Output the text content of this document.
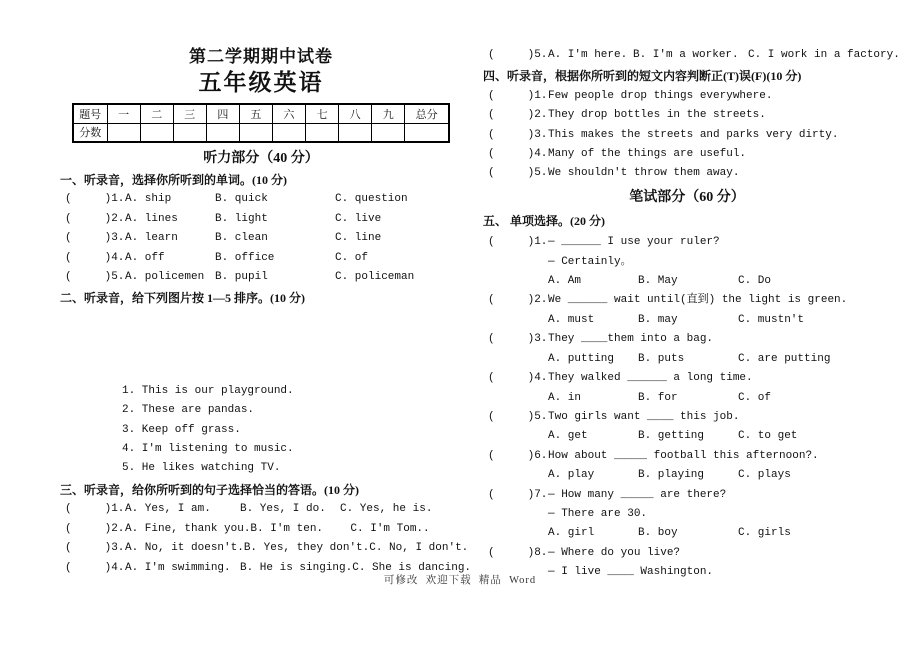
第二学期期中试卷
五年级英语
题号	一	二	三	四	五	六	七	八	九	总分
分数										
听力部分（40 分）
一、听录音，选择你所听到的单词。(10 分)
(     )1. A. ship	B. quick	C. question
(     )2. A. lines	B. light	C. live
(     )3. A. learn	B. clean	C. line
(     )4. A. off	B. office	C. of
(     )5. A. policemen B. pupil	C. policeman
二、听录音，给下列图片按 1—5 排序。(10 分)
1. This is our playground.
2. These are pandas.
3. Keep off grass.
4. I'm listening to music.
5. He likes watching TV.
三、听录音，给你所听到的句子选择恰当的答语。(10 分)
(     )1. A. Yes, I am.	B. Yes, I do.	C. Yes, he is.
(     )2. A. Fine, thank you. B. I'm ten.	C. I'm Tom..
(     )3. A. No, it doesn't. B. Yes, they don't. C. No, I don't.
(     )4. A. I'm swimming. B. He is singing. C. She is dancing.
(     )5. A. I'm here. B. I'm a worker. C. I work in a factory.
四、听录音，根据你所听到的短文内容判断正(T)误(F)(10 分)
(     )1. Few people drop things everywhere.
(     )2. They drop bottles in the streets.
(     )3. This makes the streets and parks very dirty.
(     )4. Many of the things are useful.
(     )5. We shouldn't throw them away.
笔试部分（60 分）
五、 单项选择。(20 分)
(     )1. — ______ I use your ruler?
— Certainly。
A. Am	B. May	C. Do
(     )2. We ______ wait until(直到) the light is green.
A. must	B. may	C. mustn't
(     )3. They ____them into a bag.
A. putting	B. puts	C. are putting
(     )4. They walked ______ a long time.
A. in	B. for	C. of
(     )5. Two girls want ____ this job.
A. get	B. getting	C. to get
(     )6. How about _____ football this afternoon?.
A. play	B. playing	C. plays
(     )7. — How many _____ are there?
— There are 30.
A. girl	B. boy	C. girls
(     )8. — Where do you live?
— I live ____ Washington.
可修改  欢迎下载  精品  Word
